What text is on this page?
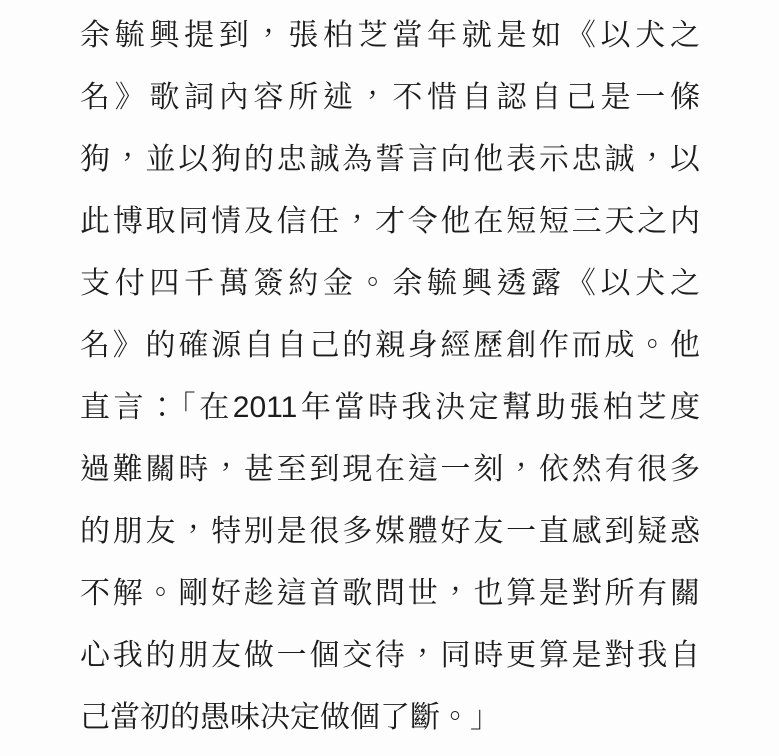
余毓興提到，張柏芝當年就是如《以犬之

名》歌詞內容所述，不惜自認自己是一條

狗，並以狗的忠誠為誓言向他表示忠誠，以

此博取同情及信任，才令他在短短三天之内

支付四千萬簽約金。余毓興透露《以犬之

名》的確源自自己的親身經歷創作而成。他

直言：「在2011年當時我決定幫助張柏芝度

過難關時，甚至到現在這一刻，依然有很多

的朋友，特别是很多媒體好友一直感到疑惑

不解。剛好趁這首歌問世，也算是對所有關

心我的朋友做一個交待，同時更算是對我自

己當初的愚味决定做個了斷。」
